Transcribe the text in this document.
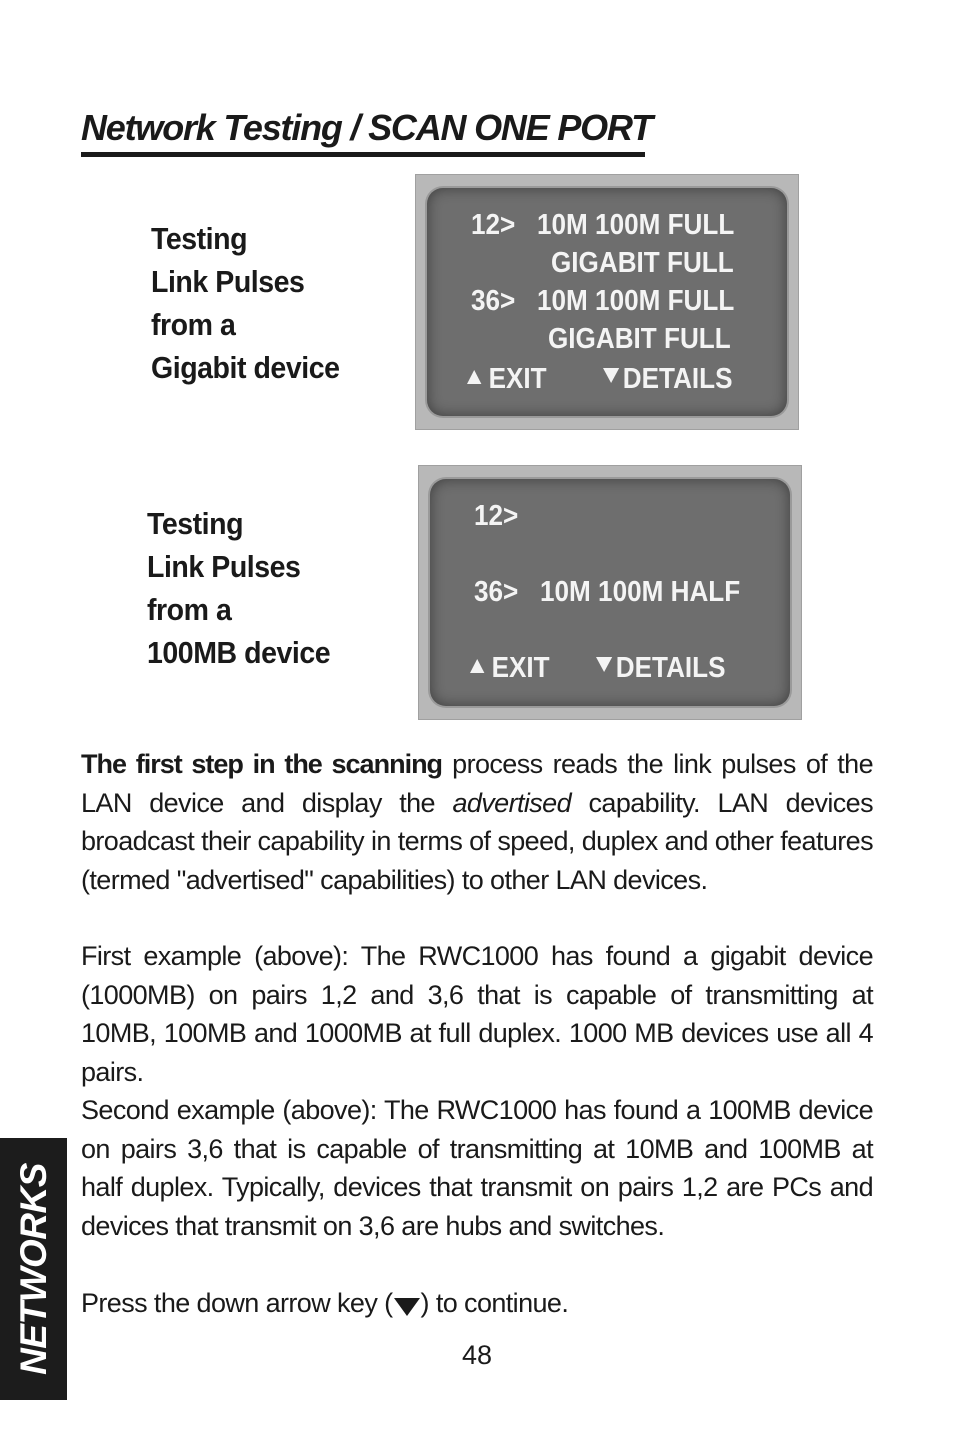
Network Testing / SCAN ONE PORT
Testing
Link Pulses
from a
Gigabit device
12>   10M 100M FULL
GIGABIT FULL
36>   10M 100M FULL
GIGABIT FULL
EXIT	DETAILS
Testing
Link Pulses
from a
100MB device
12>
36>   10M 100M HALF
EXIT	DETAILS
The first step in the scanning process reads the link pulses of the LAN device and display the advertised capability. LAN devices broadcast their capability in terms of speed, duplex and other features (termed "advertised" capabilities) to other LAN devices.
First example (above): The RWC1000 has found a gigabit device (1000MB) on pairs 1,2 and 3,6 that is capable of transmitting at 10MB, 100MB and 1000MB at full duplex. 1000 MB devices use all 4 pairs.
Second example (above): The RWC1000 has found a 100MB device on pairs 3,6 that is capable of transmitting at 10MB and 100MB at half duplex. Typically, devices that transmit on pairs 1,2 are PCs and devices that transmit on 3,6 are hubs and switches.
Press the down arrow key ( ) to continue.
48
NETWORKS
